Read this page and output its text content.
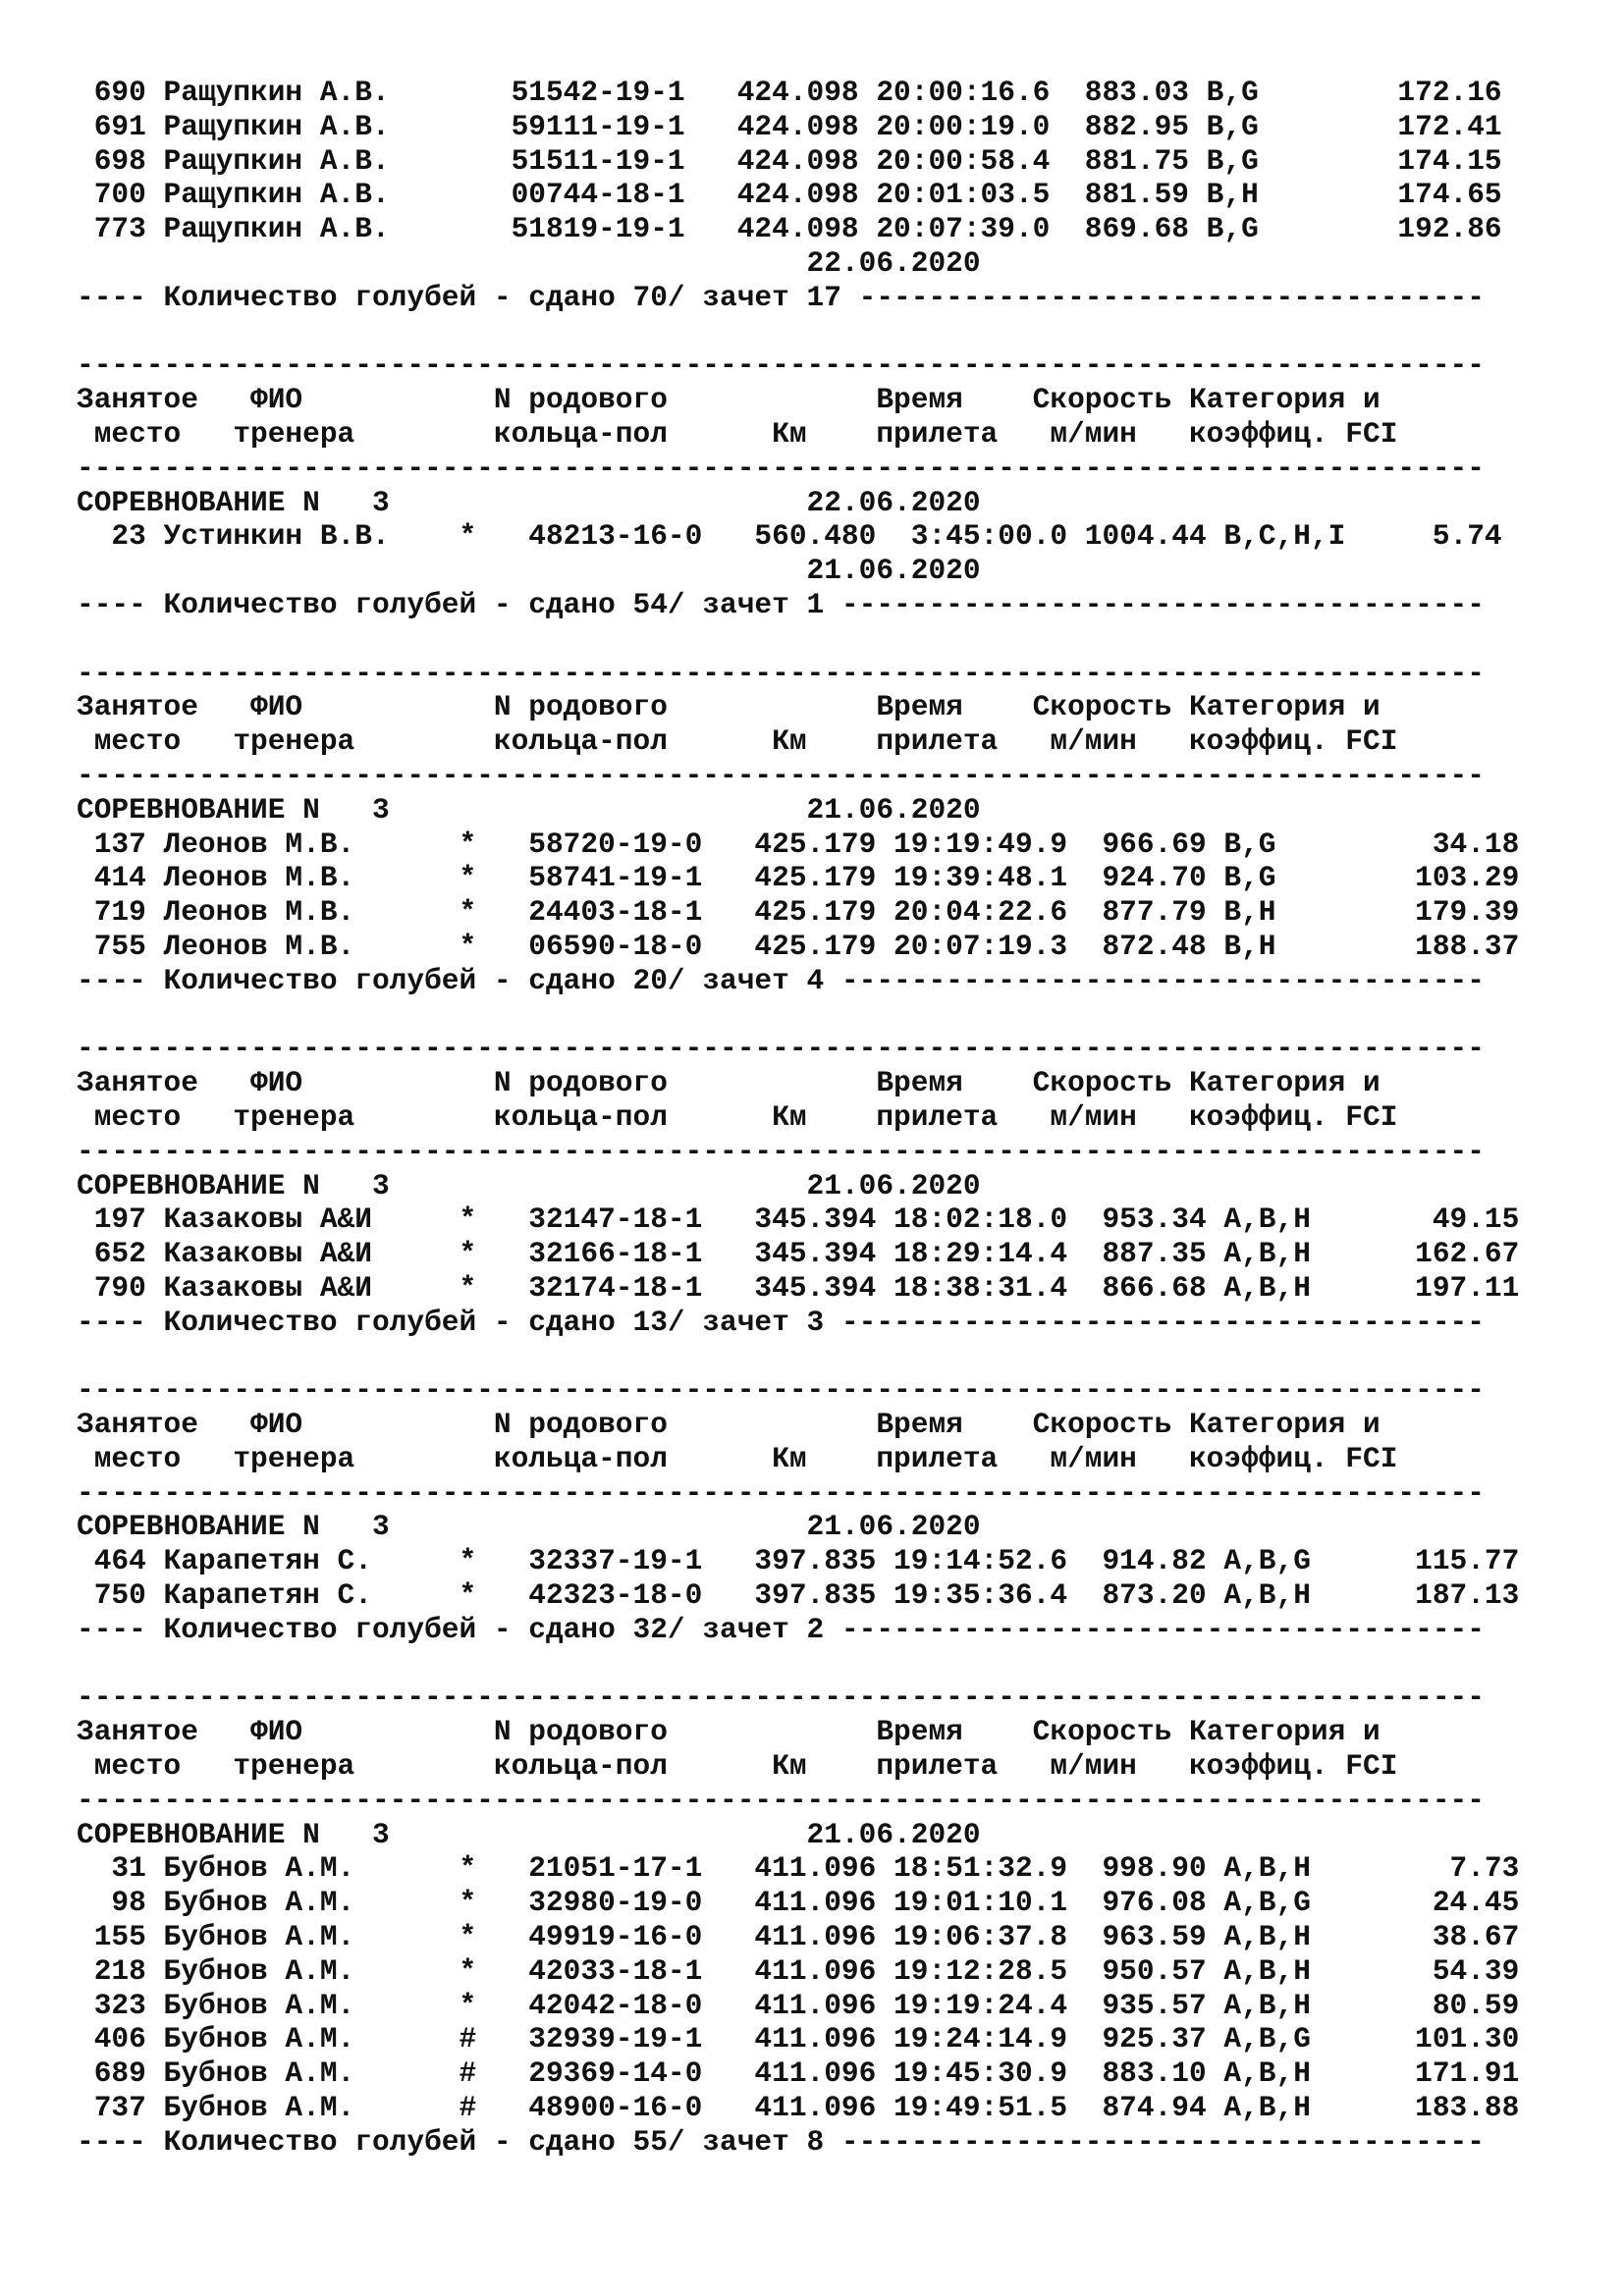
690 Ращупкин А.В.       51542-19-1   424.098 20:00:16.6  883.03 B,G        172.16
691 Ращупкин А.В.       59111-19-1   424.098 20:00:19.0  882.95 B,G        172.41
698 Ращупкин А.В.       51511-19-1   424.098 20:00:58.4  881.75 B,G        174.15
700 Ращупкин А.В.       00744-18-1   424.098 20:01:03.5  881.59 B,H        174.65
773 Ращупкин А.В.       51819-19-1   424.098 20:07:39.0  869.68 B,G        192.86
22.06.2020
---- Количество голубей - сдано 70/ зачет 17 ------------------------------------
---------------------------------------------------------------------------------
Занятое   ФИО           N родового            Время    Скорость Категория и
место   тренера        кольца-пол      Км    прилета   м/мин   коэффиц. FCI
---------------------------------------------------------------------------------
СОРЕВНОВАНИЕ N   3                        22.06.2020
23 Устинкин В.В.    *   48213-16-0   560.480  3:45:00.0 1004.44 B,C,H,I     5.74
21.06.2020
---- Количество голубей - сдано 54/ зачет 1 -------------------------------------
---------------------------------------------------------------------------------
Занятое   ФИО           N родового            Время    Скорость Категория и
место   тренера        кольца-пол      Км    прилета   м/мин   коэффиц. FCI
---------------------------------------------------------------------------------
СОРЕВНОВАНИЕ N   3                        21.06.2020
137 Леонов М.В.      *   58720-19-0   425.179 19:19:49.9  966.69 B,G         34.18
414 Леонов М.В.      *   58741-19-1   425.179 19:39:48.1  924.70 B,G        103.29
719 Леонов М.В.      *   24403-18-1   425.179 20:04:22.6  877.79 B,H        179.39
755 Леонов М.В.      *   06590-18-0   425.179 20:07:19.3  872.48 B,H        188.37
---- Количество голубей - сдано 20/ зачет 4 -------------------------------------
---------------------------------------------------------------------------------
Занятое   ФИО           N родового            Время    Скорость Категория и
место   тренера        кольца-пол      Км    прилета   м/мин   коэффиц. FCI
---------------------------------------------------------------------------------
СОРЕВНОВАНИЕ N   3                        21.06.2020
197 Казаковы А&И     *   32147-18-1   345.394 18:02:18.0  953.34 A,B,H       49.15
652 Казаковы А&И     *   32166-18-1   345.394 18:29:14.4  887.35 A,B,H      162.67
790 Казаковы А&И     *   32174-18-1   345.394 18:38:31.4  866.68 A,B,H      197.11
---- Количество голубей - сдано 13/ зачет 3 -------------------------------------
---------------------------------------------------------------------------------
Занятое   ФИО           N родового            Время    Скорость Категория и
место   тренера        кольца-пол      Км    прилета   м/мин   коэффиц. FCI
---------------------------------------------------------------------------------
СОРЕВНОВАНИЕ N   3                        21.06.2020
464 Карапетян С.     *   32337-19-1   397.835 19:14:52.6  914.82 A,B,G      115.77
750 Карапетян С.     *   42323-18-0   397.835 19:35:36.4  873.20 A,B,H      187.13
---- Количество голубей - сдано 32/ зачет 2 -------------------------------------
---------------------------------------------------------------------------------
Занятое   ФИО           N родового            Время    Скорость Категория и
место   тренера        кольца-пол      Км    прилета   м/мин   коэффиц. FCI
---------------------------------------------------------------------------------
СОРЕВНОВАНИЕ N   3                        21.06.2020
31 Бубнов А.М.      *   21051-17-1   411.096 18:51:32.9  998.90 A,B,H        7.73
98 Бубнов А.М.      *   32980-19-0   411.096 19:01:10.1  976.08 A,B,G       24.45
155 Бубнов А.М.      *   49919-16-0   411.096 19:06:37.8  963.59 A,B,H       38.67
218 Бубнов А.М.      *   42033-18-1   411.096 19:12:28.5  950.57 A,B,H       54.39
323 Бубнов А.М.      *   42042-18-0   411.096 19:19:24.4  935.57 A,B,H       80.59
406 Бубнов А.М.      #   32939-19-1   411.096 19:24:14.9  925.37 A,B,G      101.30
689 Бубнов А.М.      #   29369-14-0   411.096 19:45:30.9  883.10 A,B,H      171.91
737 Бубнов А.М.      #   48900-16-0   411.096 19:49:51.5  874.94 A,B,H      183.88
---- Количество голубей - сдано 55/ зачет 8 -------------------------------------
